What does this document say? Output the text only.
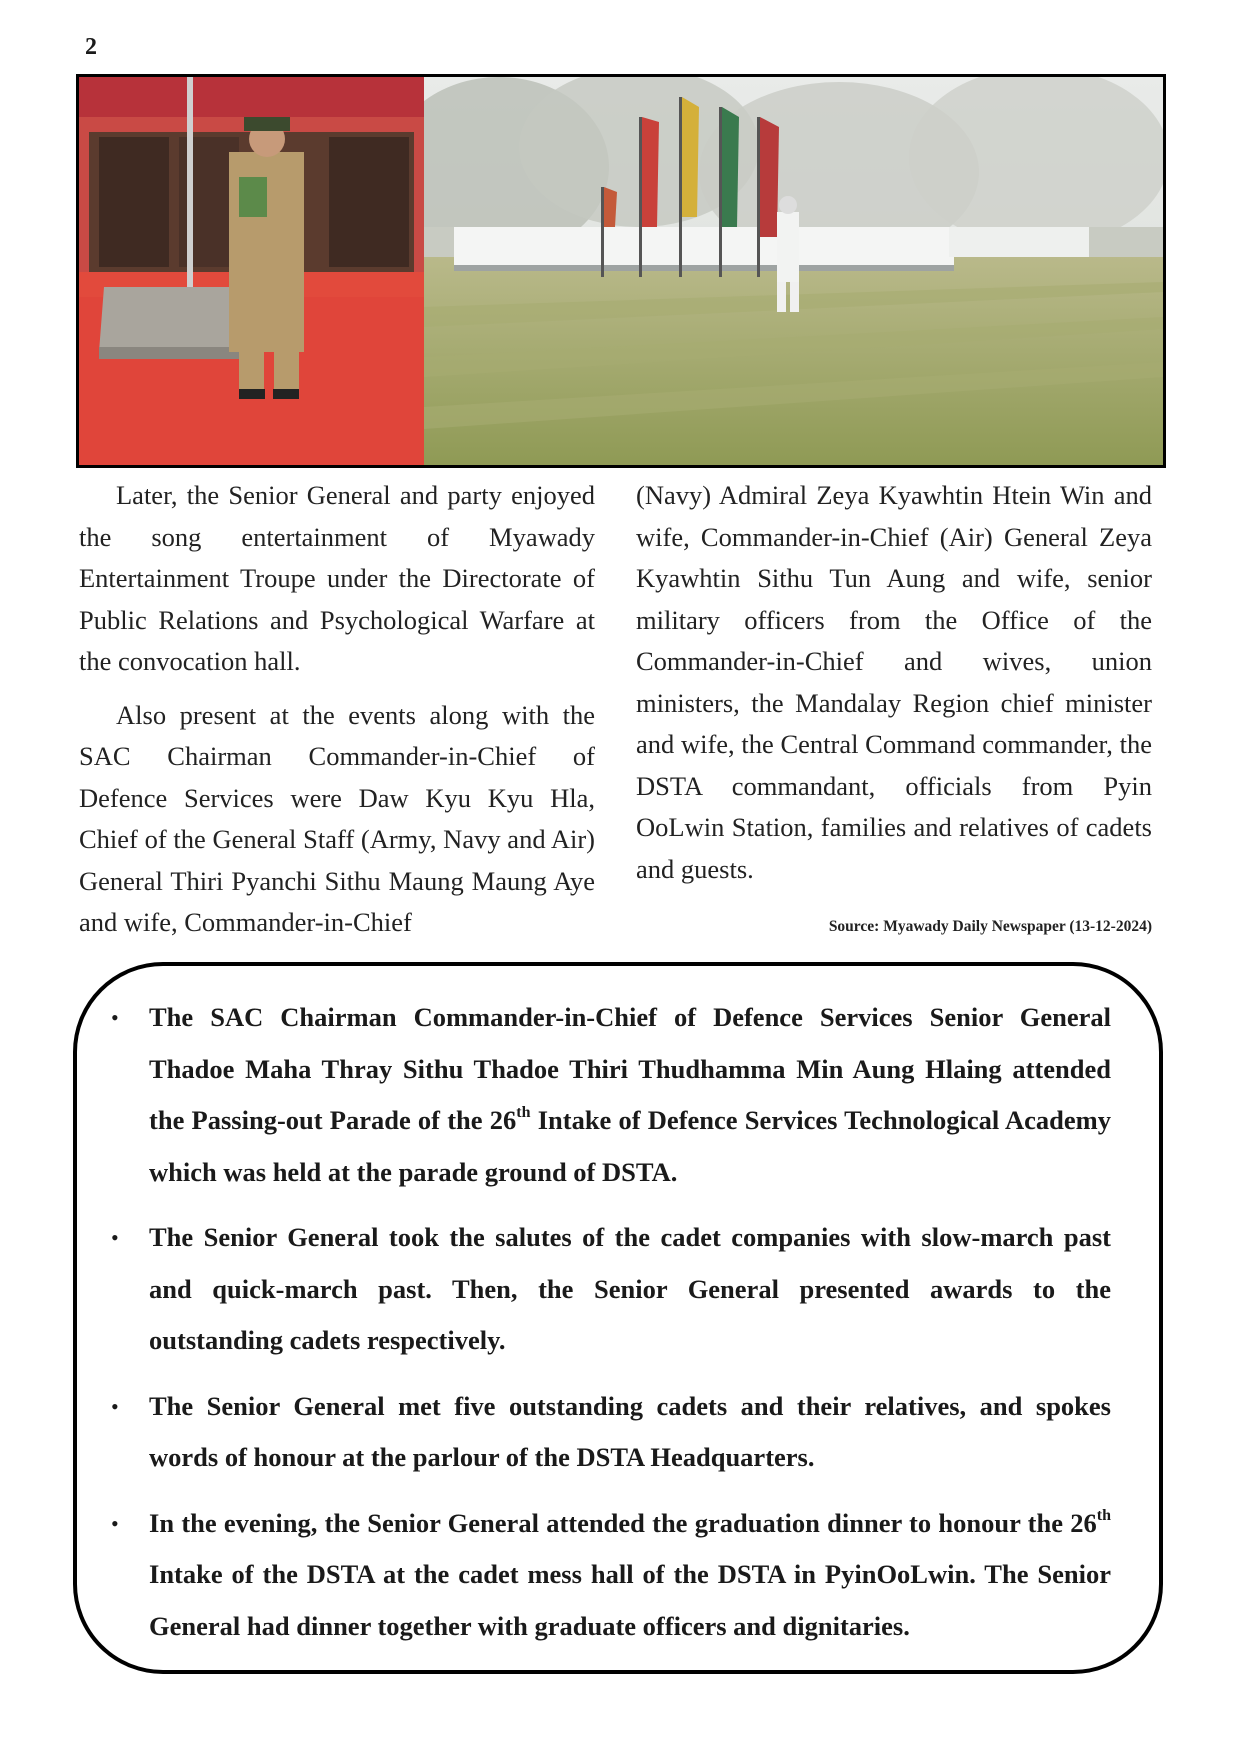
2

Later, the Senior General and party enjoyed the song entertainment of Myawady Entertainment Troupe under the Directorate of Public Relations and Psychological Warfare at the convocation hall.

Also present at the events along with the SAC Chairman Commander-in-Chief of Defence Services were Daw Kyu Kyu Hla, Chief of the General Staff (Army, Navy and Air) General Thiri Pyanchi Sithu Maung Maung Aye and wife, Commander-in-Chief

(Navy) Admiral Zeya Kyawhtin Htein Win and wife, Commander-in-Chief (Air) General Zeya Kyawhtin Sithu Tun Aung and wife, senior military officers from the Office of the Commander-in-Chief and wives, union ministers, the Mandalay Region chief minister and wife, the Central Command commander, the DSTA commandant, officials from Pyin OoLwin Station, families and relatives of cadets and guests.

Source: Myawady Daily Newspaper (13-12-2024)
• The SAC Chairman Commander-in-Chief of Defence Services Senior General Thadoe Maha Thray Sithu Thadoe Thiri Thudhamma Min Aung Hlaing attended the Passing-out Parade of the 26th Intake of Defence Services Technological Academy which was held at the parade ground of DSTA.
• The Senior General took the salutes of the cadet companies with slow-march past and quick-march past. Then, the Senior General presented awards to the outstanding cadets respectively.
• The Senior General met five outstanding cadets and their relatives, and spokes words of honour at the parlour of the DSTA Headquarters.
• In the evening, the Senior General attended the graduation dinner to honour the 26th Intake of the DSTA at the cadet mess hall of the DSTA in PyinOoLwin. The Senior General had dinner together with graduate officers and dignitaries.
